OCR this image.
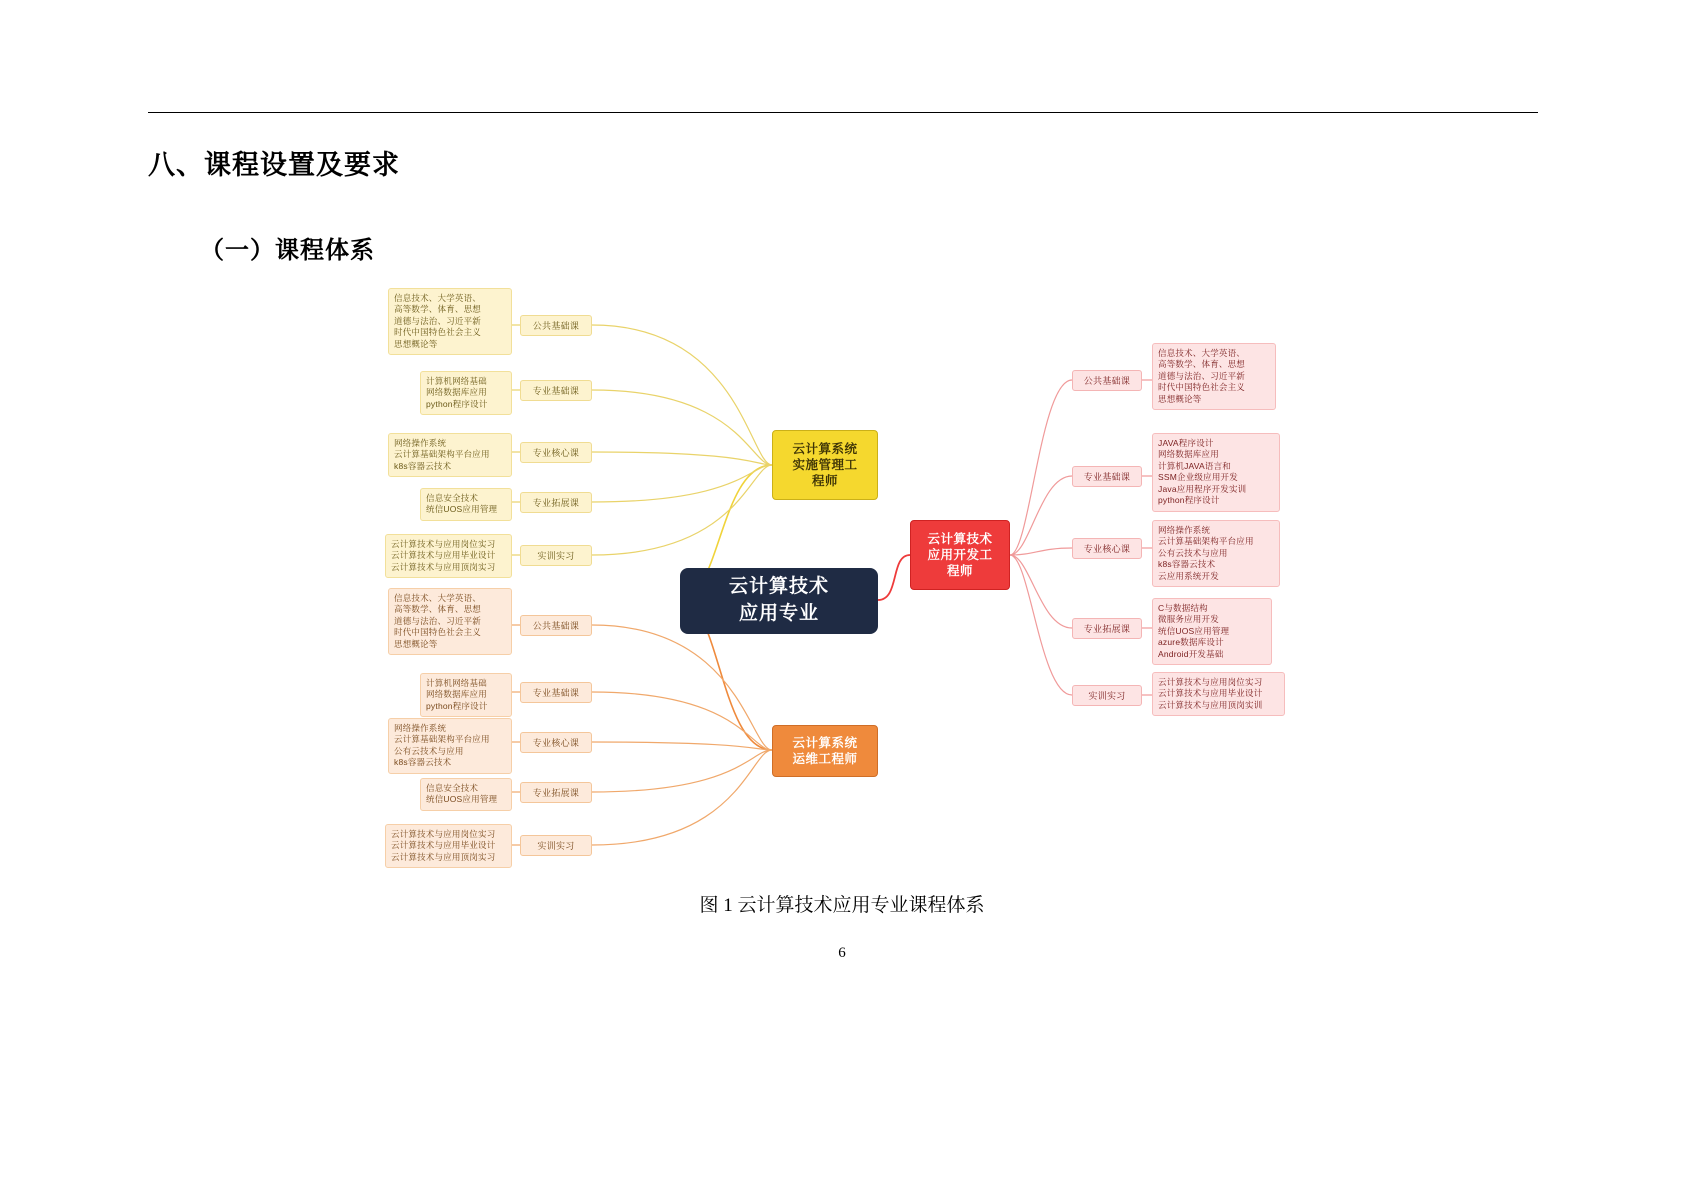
八、课程设置及要求
（一）课程体系
云计算技术
应用专业
云计算系统
实施管理工
程师
公共基础课
信息技术、大学英语、
高等数学、体育、思想
道德与法治、习近平新
时代中国特色社会主义
思想概论等
专业基础课
计算机网络基础
网络数据库应用
python程序设计
专业核心课
网络操作系统
云计算基础架构平台应用
k8s容器云技术
专业拓展课
信息安全技术
统信UOS应用管理
实训实习
云计算技术与应用岗位实习
云计算技术与应用毕业设计
云计算技术与应用顶岗实习
云计算系统
运维工程师
公共基础课
信息技术、大学英语、
高等数学、体育、思想
道德与法治、习近平新
时代中国特色社会主义
思想概论等
专业基础课
计算机网络基础
网络数据库应用
python程序设计
专业核心课
网络操作系统
云计算基础架构平台应用
公有云技术与应用
k8s容器云技术
专业拓展课
信息安全技术
统信UOS应用管理
实训实习
云计算技术与应用岗位实习
云计算技术与应用毕业设计
云计算技术与应用顶岗实习
云计算技术
应用开发工
程师
公共基础课
信息技术、大学英语、
高等数学、体育、思想
道德与法治、习近平新
时代中国特色社会主义
思想概论等
专业基础课
JAVA程序设计
网络数据库应用
计算机JAVA语言和
SSM企业级应用开发
Java应用程序开发实训
python程序设计
专业核心课
网络操作系统
云计算基础架构平台应用
公有云技术与应用
k8s容器云技术
云应用系统开发
专业拓展课
C与数据结构
微服务应用开发
统信UOS应用管理
azure数据库设计
Android开发基础
实训实习
云计算技术与应用岗位实习
云计算技术与应用毕业设计
云计算技术与应用顶岗实训
图 1 云计算技术应用专业课程体系
6
